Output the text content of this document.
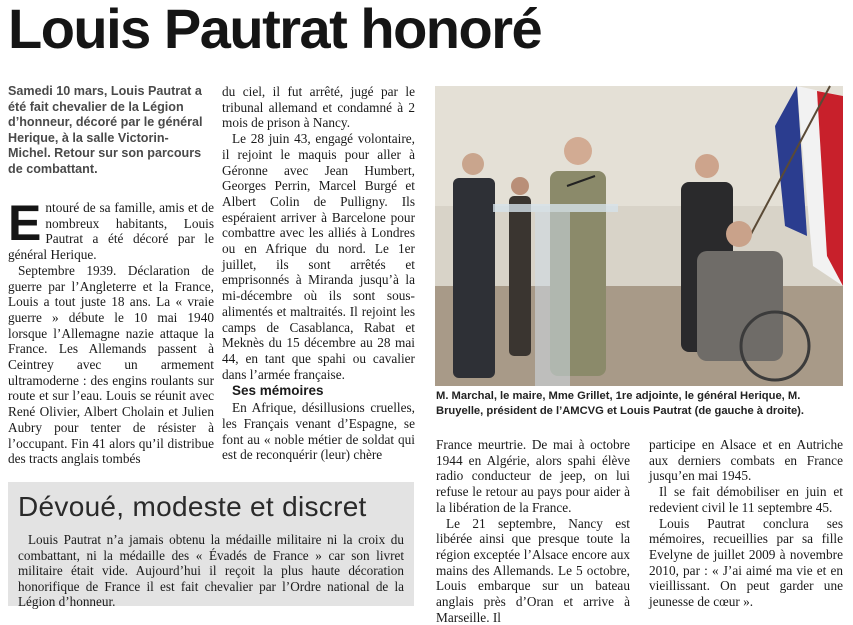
Louis Pautrat honoré
Samedi 10 mars, Louis Pautrat a été fait chevalier de la Légion d’honneur, décoré par le général Herique, à la salle Victorin-Michel. Retour sur son parcours de combattant.

Entouré de sa famille, amis et de nombreux habitants, Louis Pautrat a été décoré par le général Herique.

Septembre 1939. Déclaration de guerre par l’Angleterre et la France, Louis a tout juste 18 ans. La « vraie guerre » débute le 10 mai 1940 lorsque l’Allemagne nazie attaque la France. Les Allemands passent à Ceintrey avec un armement ultramoderne : des engins roulants sur route et sur l’eau. Louis se réunit avec René Olivier, Albert Cholain et Julien Aubry pour tenter de résister à l’occupant. Fin 41 alors qu’il distribue des tracts anglais tombés

du ciel, il fut arrêté, jugé par le tribunal allemand et condamné à 2 mois de prison à Nancy.

Le 28 juin 43, engagé volontaire, il rejoint le maquis pour aller à Géronne avec Jean Humbert, Georges Perrin, Marcel Burgé et Albert Colin de Pulligny. Ils espéraient arriver à Barcelone pour combattre avec les alliés à Londres ou en Afrique du nord. Le 1er juillet, ils sont arrêtés et emprisonnés à Miranda jusqu’à la mi-décembre où ils sont sous-alimentés et maltraités. Il rejoint les camps de Casablanca, Rabat et Meknès du 15 décembre au 28 mai 44, en tant que spahi ou cavalier dans l’armée française.

Ses mémoires

En Afrique, désillusions cruelles, les Français venant d’Espagne, se font au « noble métier de soldat qui est de reconquérir (leur) chère

M. Marchal, le maire, Mme Grillet, 1re adjointe, le général Herique, M. Bruyelle, président de l’AMCVG et Louis Pautrat (de gauche à droite).

France meurtrie. De mai à octobre 1944 en Algérie, alors spahi élève radio conducteur de jeep, on lui refuse le retour au pays pour aider à la libération de la France.

Le 21 septembre, Nancy est libérée ainsi que presque toute la région exceptée l’Alsace encore aux mains des Allemands. Le 5 octobre, Louis embarque sur un bateau anglais près d’Oran et arrive à Marseille. Il

participe en Alsace et en Autriche aux derniers combats en France jusqu’en mai 1945.

Il se fait démobiliser en juin et redevient civil le 11 septembre 45.

Louis Pautrat conclura ses mémoires, recueillies par sa fille Evelyne de juillet 2009 à novembre 2010, par : « J’ai aimé ma vie et en vieillissant. On peut garder une jeunesse de cœur ».

Dévoué, modeste et discret

Louis Pautrat n’a jamais obtenu la médaille militaire ni la croix du combattant, ni la médaille des « Évadés de France » car son livret militaire était vide. Aujourd’hui il reçoit la plus haute décoration honorifique de France il est fait chevalier par l’Ordre national de la Légion d’honneur.
